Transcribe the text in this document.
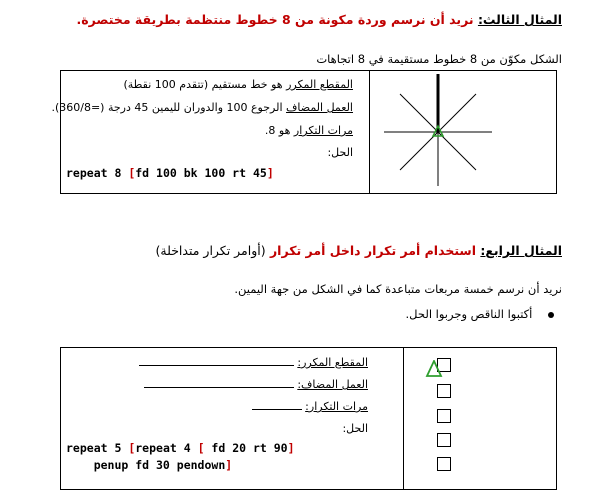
المثال الثالث: نريد أن نرسم وردة مكونة من 8 خطوط منتظمة بطريقة مختصرة.
الشكل مكوّن من 8 خطوط مستقيمة في 8 اتجاهات
المقطع المكرر هو خط مستقيم (تتقدم 100 نقطة)
العمل المضاف الرجوع 100 والدوران لليمين 45 درجة (=360/8).
مرات التكرار هو 8.
الحل:
repeat 8 [fd 100 bk 100 rt 45]
المثال الرابع: استخدام أمر تكرار داخل أمر تكرار (أوامر تكرار متداخلة)
نريد أن نرسم خمسة مربعات متباعدة كما في الشكل من جهة اليمين.
أكتبوا الناقص وجربوا الحل.
المقطع المكرر:
العمل المضاف:
مرات التكرار:
الحل:
repeat 5 [repeat 4 [ fd 20 rt 90]
penup fd 30 pendown]
